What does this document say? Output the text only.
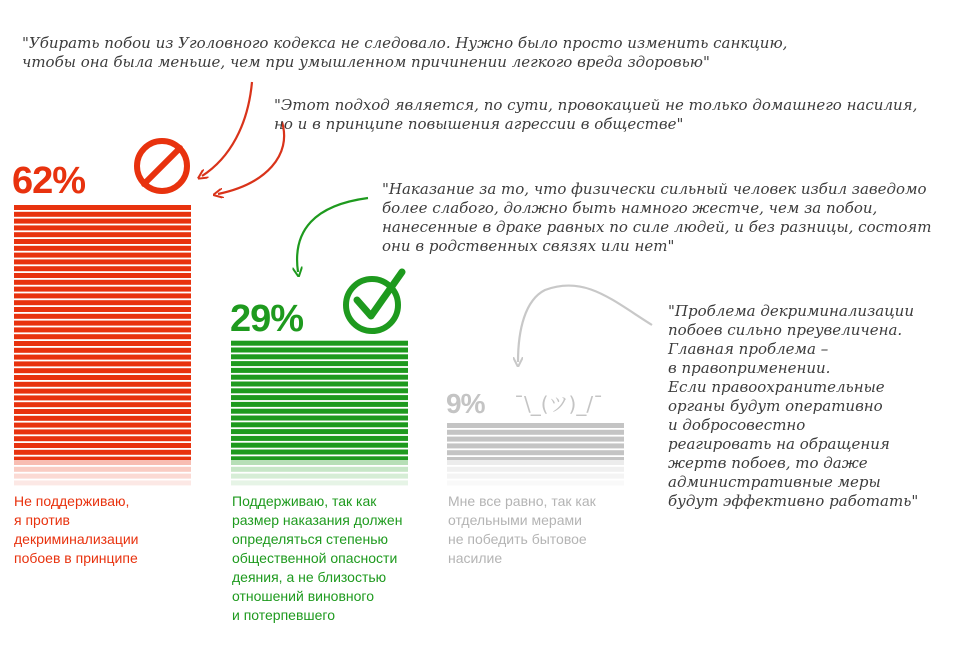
"Убирать побои из Уголовного кодекса не следовало. Нужно было просто изменить санкцию,
чтобы она была меньше, чем при умышленном причинении легкого вреда здоровью"

"Этот подход является, по сути, провокацией не только домашнего насилия,
но и в принципе повышения агрессии в обществе"

"Наказание за то, что физически сильный человек избил заведомо
более слабого, должно быть намного жестче, чем за побои,
нанесенные в драке равных по силе людей, и без разницы, состоят
они в родственных связях или нет"

"Проблема декриминализации
побоев сильно преувеличена.
Главная проблема –
в правоприменении.
Если правоохранительные
органы будут оперативно
и добросовестно
реагировать на обращения
жертв побоев, то даже
административные меры
будут эффективно работать"

62%
29%
9% ¯\_(ツ)_/¯

Не поддерживаю,
я против
декриминализации
побоев в принципе

Поддерживаю, так как
размер наказания должен
определяться степенью
общественной опасности
деяния, а не близостью
отношений виновного
и потерпевшего

Мне все равно, так как
отдельными мерами
не победить бытовое
насилие
